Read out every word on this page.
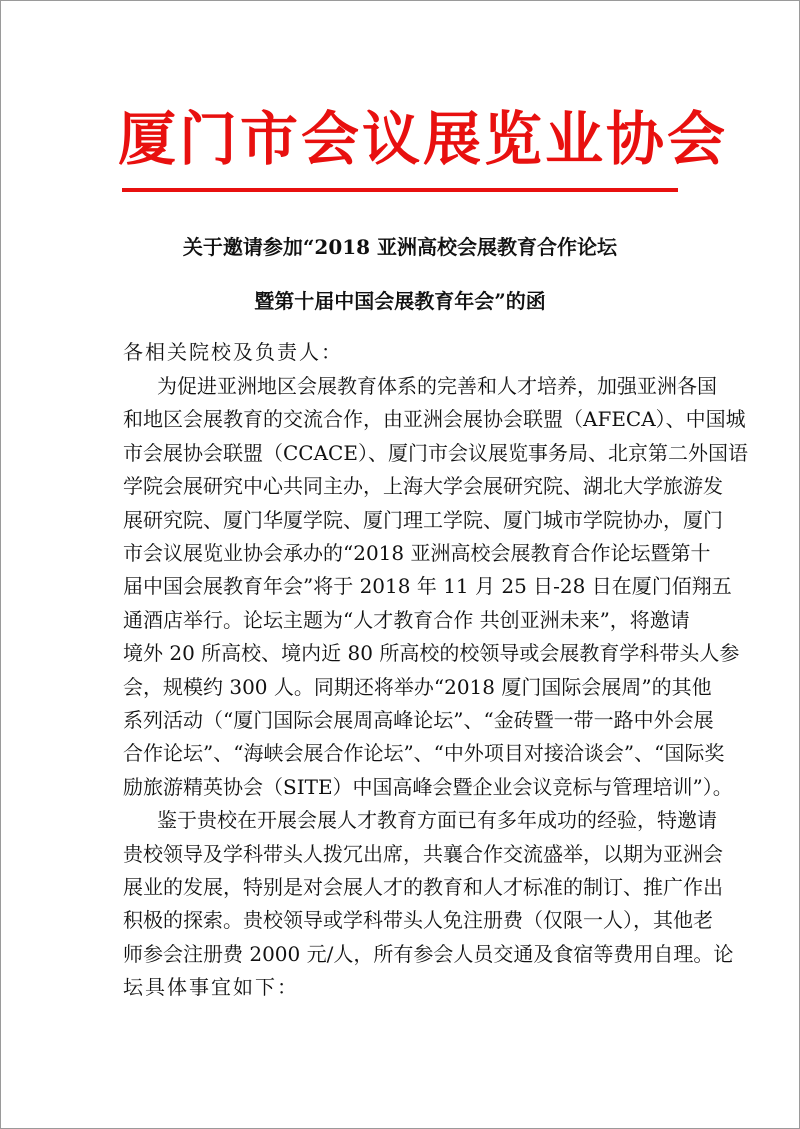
厦门市会议展览业协会
关于邀请参加“2018 亚洲高校会展教育合作论坛
暨第十届中国会展教育年会”的函
各相关院校及负责人：
为促进亚洲地区会展教育体系的完善和人才培养，加强亚洲各国
和地区会展教育的交流合作，由亚洲会展协会联盟（AFECA）、中国城
市会展协会联盟（CCACE）、厦门市会议展览事务局、北京第二外国语
学院会展研究中心共同主办，上海大学会展研究院、湖北大学旅游发
展研究院、厦门华厦学院、厦门理工学院、厦门城市学院协办，厦门
市会议展览业协会承办的“2018 亚洲高校会展教育合作论坛暨第十
届中国会展教育年会”将于 2018 年 11 月 25 日-28 日在厦门佰翔五
通酒店举行。论坛主题为“人才教育合作 共创亚洲未来”，将邀请
境外 20 所高校、境内近 80 所高校的校领导或会展教育学科带头人参
会，规模约 300 人。同期还将举办“2018 厦门国际会展周”的其他
系列活动（“厦门国际会展周高峰论坛”、“金砖暨一带一路中外会展
合作论坛”、“海峡会展合作论坛”、“中外项目对接洽谈会”、“国际奖
励旅游精英协会（SITE）中国高峰会暨企业会议竞标与管理培训”）。
鉴于贵校在开展会展人才教育方面已有多年成功的经验，特邀请
贵校领导及学科带头人拨冗出席，共襄合作交流盛举，以期为亚洲会
展业的发展，特别是对会展人才的教育和人才标准的制订、推广作出
积极的探索。贵校领导或学科带头人免注册费（仅限一人），其他老
师参会注册费 2000 元/人，所有参会人员交通及食宿等费用自理。论
坛具体事宜如下：
